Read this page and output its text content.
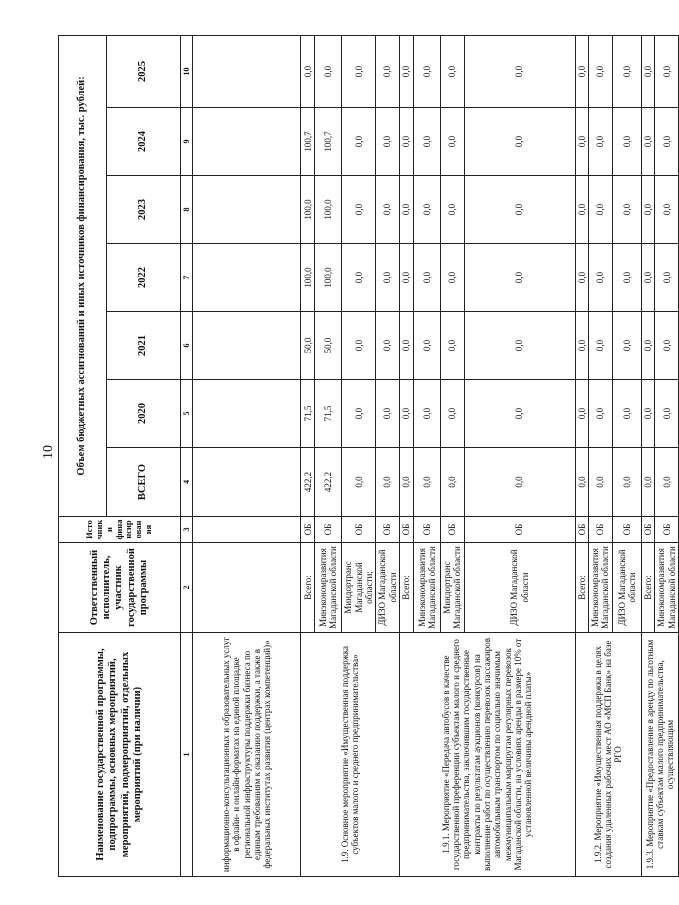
10
Наименование государственной программы, подпрограммы, основных мероприятий, мероприятий, подмероприятий, отдельных мероприятий (при наличии)	Ответственный исполнитель, участник государственной программы	Источники финансирования	Объем бюджетных ассигнований и иных источников финансирования, тыс. рублей:						
			ВСЕГО	2020	2021	2022	2023	2024	2025
1	2	3	4	5	6	7	8	9	10
информационно-консультационных и образовательных услуг в офлайн- и онлайн-форматах на единой площадке региональной инфраструктуры поддержки бизнеса по единым требованиям к оказанию поддержки, а также в федеральных институтах развития (центрах компетенций)»									
1.9. Основное мероприятие «Имущественная поддержка субъектов малого и среднего предпринимательства»	Всего:	ОБ	422,2	71,5	50,0	100,0	100,0	100,7	0,0
	Минэкономразвития Магаданской области	ОБ	422,2	71,5	50,0	100,0	100,0	100,7	0,0
	Миндортранс Магаданской области;	ОБ	0,0	0,0	0,0	0,0	0,0	0,0	0,0
	ДИЗО Магаданской области	ОБ	0,0	0,0	0,0	0,0	0,0	0,0	0,0
1.9.1. Мероприятие «Передача автобусов в качестве государственной преференции субъектам малого и среднего предпринимательства, заключившим государственные контракты по результатам аукционов (конкурсов) на выполнение работ по осуществлению перевозок пассажиров автомобильным транспортом по социально значимым межмуниципальным маршрутам регулярных перевозок Магаданской области, на условиях аренды в размере 10% от установленной величины арендной платы»	Всего:	ОБ	0,0	0,0	0,0	0,0	0,0	0,0	0,0
	Минэкономразвития Магаданской области	ОБ	0,0	0,0	0,0	0,0	0,0	0,0	0,0
	Миндортранс Магаданской области	ОБ	0,0	0,0	0,0	0,0	0,0	0,0	0,0
	ДИЗО Магаданской области	ОБ	0,0	0,0	0,0	0,0	0,0	0,0	0,0
1.9.2. Мероприятие «Имущественная поддержка в целях создания удаленных рабочих мест АО «МСП Банк» на базе РГО	Всего:	ОБ	0,0	0,0	0,0	0,0	0,0	0,0	0,0
	Минэкономразвития Магаданской области	ОБ	0,0	0,0	0,0	0,0	0,0	0,0	0,0
	ДИЗО Магаданской области	ОБ	0,0	0,0	0,0	0,0	0,0	0,0	0,0
1.9.3. Мероприятие «Предоставление в аренду по льготным ставкам субъектам малого предпринимательства, осуществляющим	Всего:	ОБ	0,0	0,0	0,0	0,0	0,0	0,0	0,0
	Минэкономразвития Магаданской области	ОБ	0,0	0,0	0,0	0,0	0,0	0,0	0,0
